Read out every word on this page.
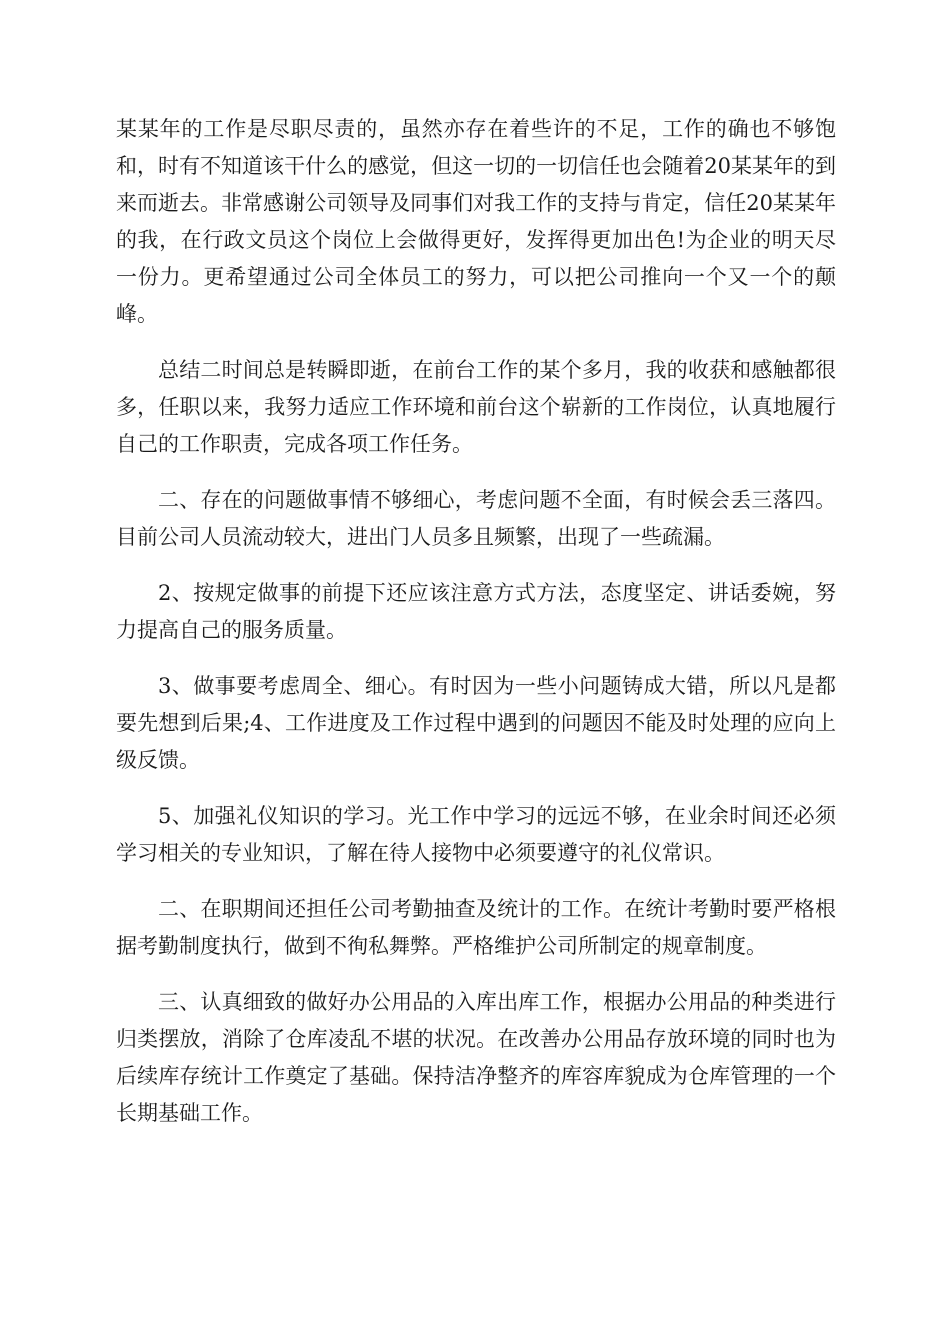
某某年的工作是尽职尽责的，虽然亦存在着些许的不足，工作的确也不够饱和，时有不知道该干什么的感觉，但这一切的一切信任也会随着20某某年的到来而逝去。非常感谢公司领导及同事们对我工作的支持与肯定，信任20某某年的我，在行政文员这个岗位上会做得更好，发挥得更加出色!为企业的明天尽一份力。更希望通过公司全体员工的努力，可以把公司推向一个又一个的颠峰。

总结二时间总是转瞬即逝，在前台工作的某个多月，我的收获和感触都很多，任职以来，我努力适应工作环境和前台这个崭新的工作岗位，认真地履行自己的工作职责，完成各项工作任务。

二、存在的问题做事情不够细心，考虑问题不全面，有时候会丢三落四。目前公司人员流动较大，进出门人员多且频繁，出现了一些疏漏。

2、按规定做事的前提下还应该注意方式方法，态度坚定、讲话委婉，努力提高自己的服务质量。

3、做事要考虑周全、细心。有时因为一些小问题铸成大错，所以凡是都要先想到后果;4、工作进度及工作过程中遇到的问题因不能及时处理的应向上级反馈。

5、加强礼仪知识的学习。光工作中学习的远远不够，在业余时间还必须学习相关的专业知识，了解在待人接物中必须要遵守的礼仪常识。

二、在职期间还担任公司考勤抽查及统计的工作。在统计考勤时要严格根据考勤制度执行，做到不徇私舞弊。严格维护公司所制定的规章制度。

三、认真细致的做好办公用品的入库出库工作，根据办公用品的种类进行归类摆放，消除了仓库凌乱不堪的状况。在改善办公用品存放环境的同时也为后续库存统计工作奠定了基础。保持洁净整齐的库容库貌成为仓库管理的一个长期基础工作。
